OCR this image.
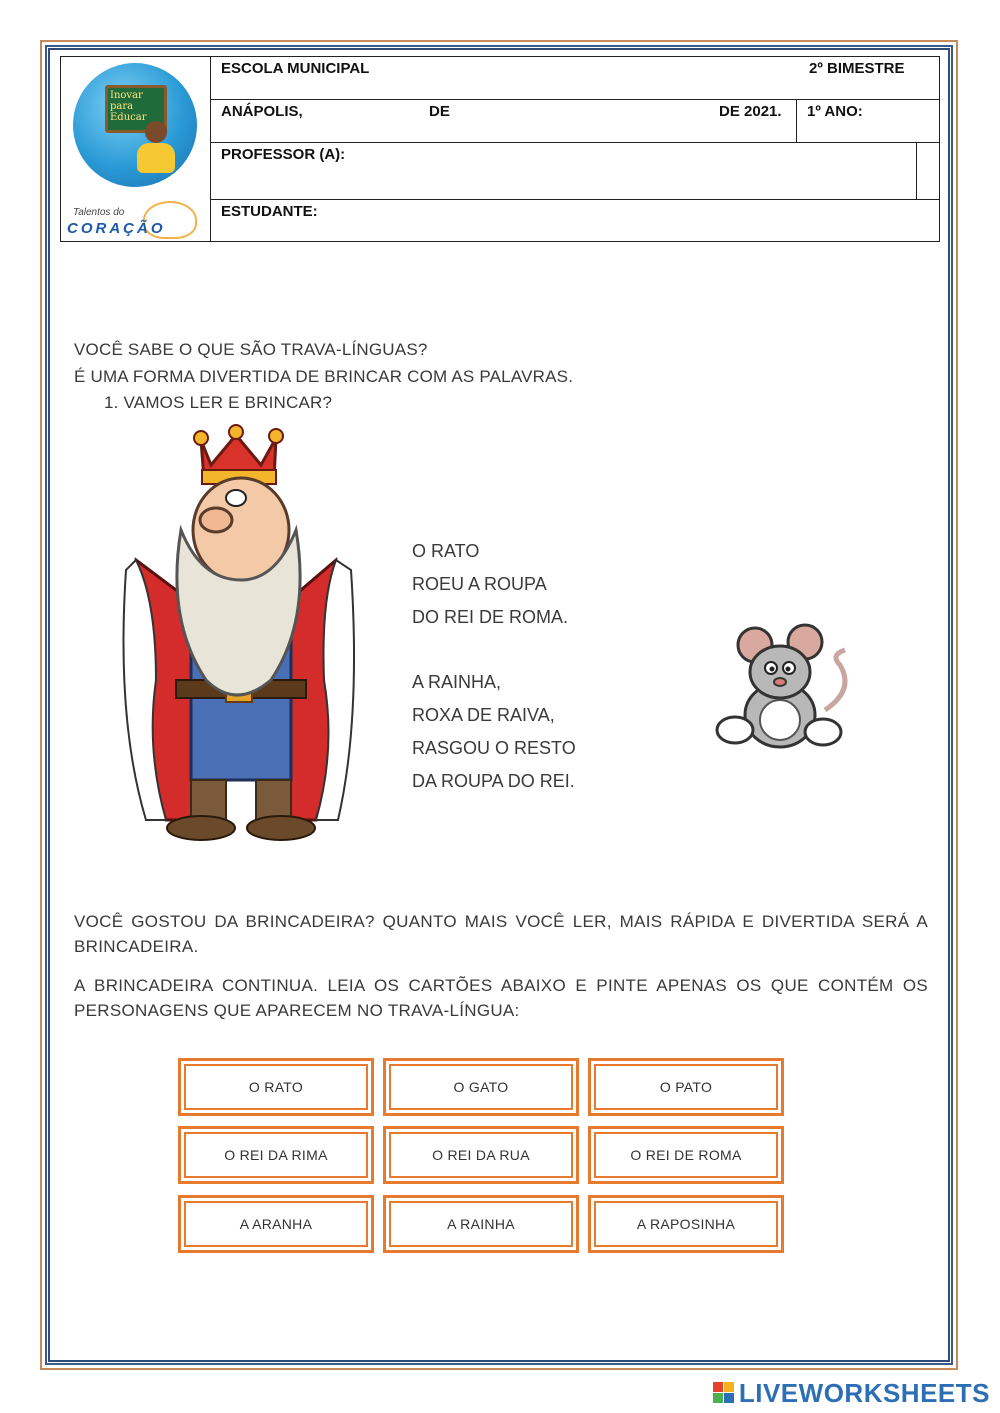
Inovar para Educar
Talentos do
CORAÇÃO
ESCOLA MUNICIPAL	2º BIMESTRE
ANÁPOLIS,	DE	DE 2021. 1º ANO:
PROFESSOR (A):
ESTUDANTE:
VOCÊ SABE O QUE SÃO TRAVA-LÍNGUAS?
É UMA FORMA DIVERTIDA DE BRINCAR COM AS PALAVRAS.
1. VAMOS LER E BRINCAR?
O RATO
ROEU A ROUPA
DO REI DE ROMA.
A RAINHA,
ROXA DE RAIVA,
RASGOU O RESTO
DA ROUPA DO REI.
VOCÊ GOSTOU DA BRINCADEIRA? QUANTO MAIS VOCÊ LER, MAIS RÁPIDA E DIVERTIDA SERÁ A BRINCADEIRA.
A BRINCADEIRA CONTINUA. LEIA OS CARTÕES ABAIXO E PINTE APENAS OS QUE CONTÉM OS PERSONAGENS QUE APARECEM NO TRAVA-LÍNGUA:
O RATO	O GATO	O PATO
O REI DA RIMA	O REI DA RUA	O REI DE ROMA
A ARANHA	A RAINHA	A RAPOSINHA
LIVEWORKSHEETS
